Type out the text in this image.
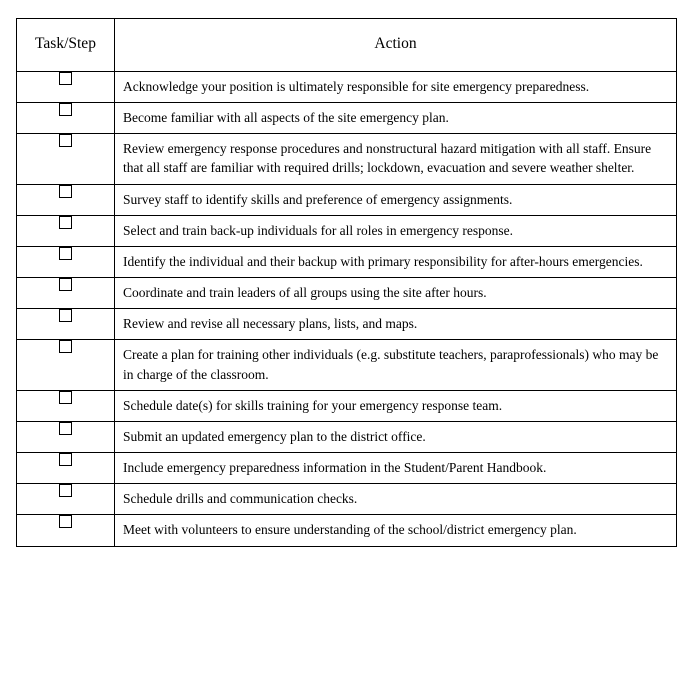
Task/Step	Action
	Acknowledge your position is ultimately responsible for site emergency preparedness.
	Become familiar with all aspects of the site emergency plan.
	Review emergency response procedures and nonstructural hazard mitigation with all staff. Ensure that all staff are familiar with required drills; lockdown, evacuation and severe weather shelter.
	Survey staff to identify skills and preference of emergency assignments.
	Select and train back-up individuals for all roles in emergency response.
	Identify the individual and their backup with primary responsibility for after-hours emergencies.
	Coordinate and train leaders of all groups using the site after hours.
	Review and revise all necessary plans, lists, and maps.
	Create a plan for training other individuals (e.g. substitute teachers, paraprofessionals) who may be in charge of the classroom.
	Schedule date(s) for skills training for your emergency response team.
	Submit an updated emergency plan to the district office.
	Include emergency preparedness information in the Student/Parent Handbook.
	Schedule drills and communication checks.
	Meet with volunteers to ensure understanding of the school/district emergency plan.
